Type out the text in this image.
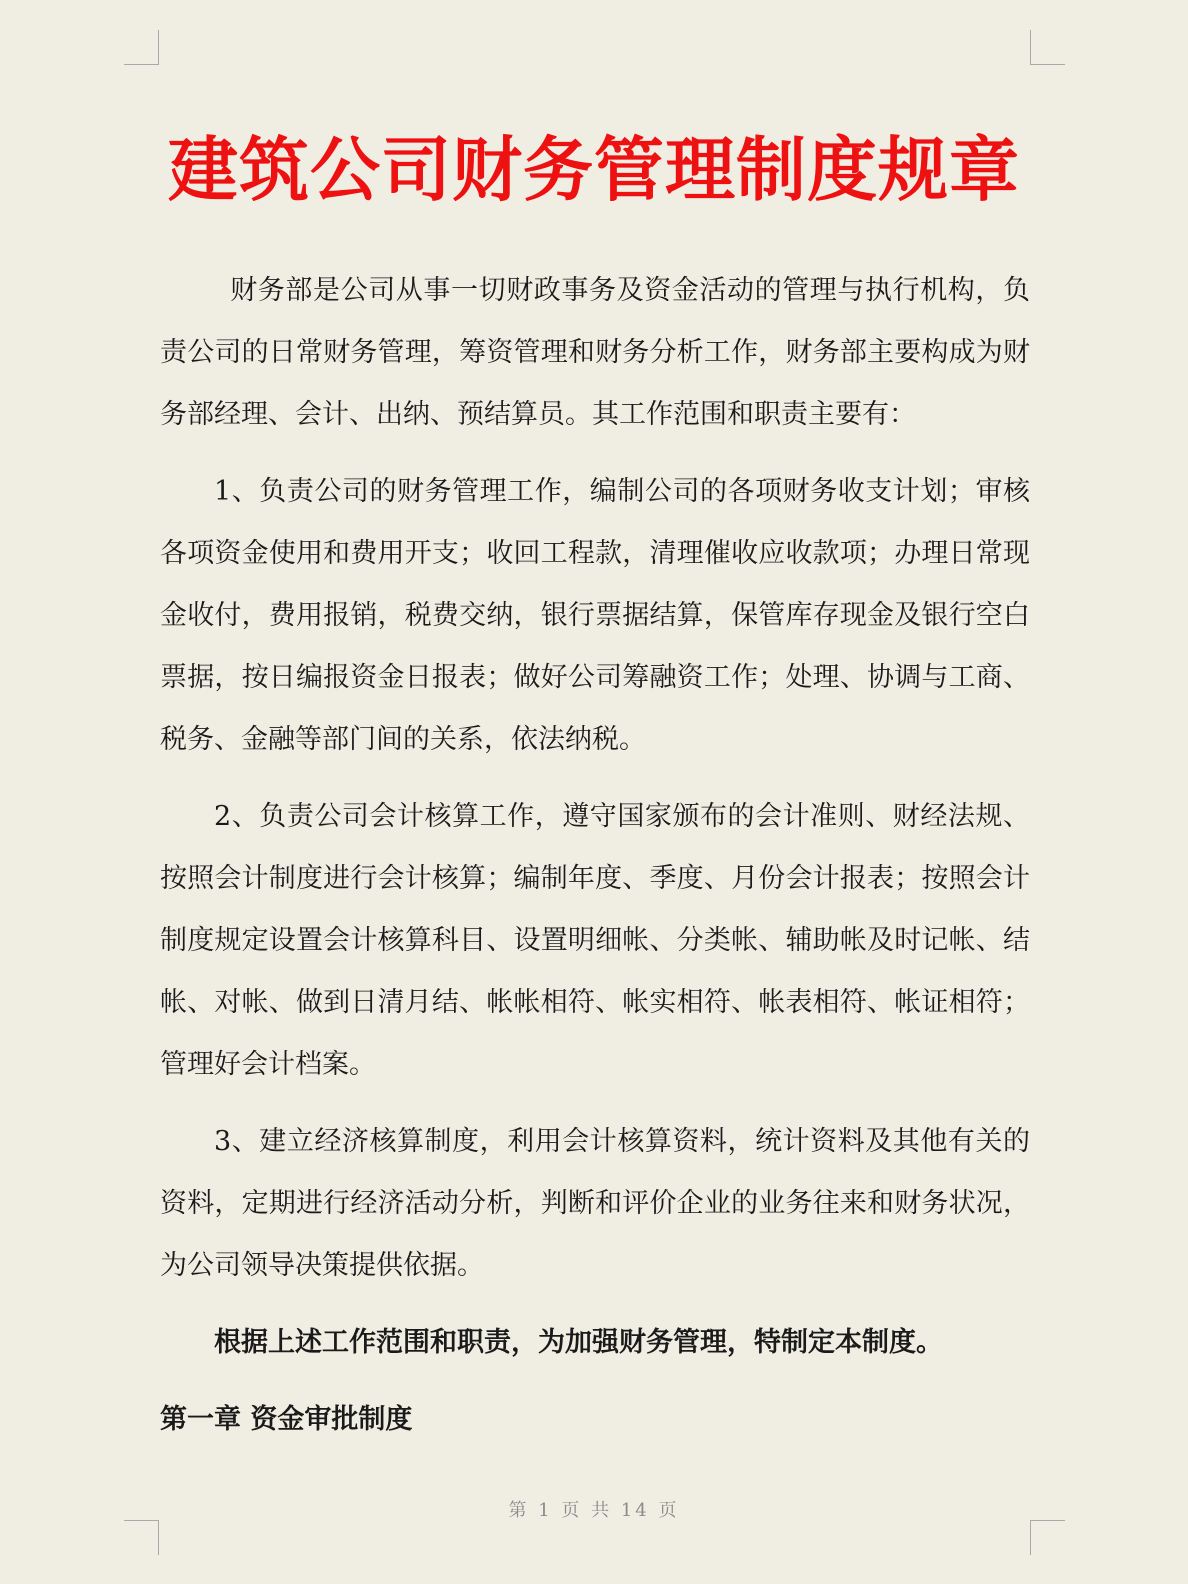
建筑公司财务管理制度规章

财务部是公司从事一切财政事务及资金活动的管理与执行机构，负责公司的日常财务管理，筹资管理和财务分析工作，财务部主要构成为财务部经理、会计、出纳、预结算员。其工作范围和职责主要有：

1、负责公司的财务管理工作，编制公司的各项财务收支计划；审核各项资金使用和费用开支；收回工程款，清理催收应收款项；办理日常现金收付，费用报销，税费交纳，银行票据结算，保管库存现金及银行空白票据，按日编报资金日报表；做好公司筹融资工作；处理、协调与工商、税务、金融等部门间的关系，依法纳税。

2、负责公司会计核算工作，遵守国家颁布的会计准则、财经法规、按照会计制度进行会计核算；编制年度、季度、月份会计报表；按照会计制度规定设置会计核算科目、设置明细帐、分类帐、辅助帐及时记帐、结帐、对帐、做到日清月结、帐帐相符、帐实相符、帐表相符、帐证相符；管理好会计档案。

3、建立经济核算制度，利用会计核算资料，统计资料及其他有关的资料，定期进行经济活动分析，判断和评价企业的业务往来和财务状况，为公司领导决策提供依据。

根据上述工作范围和职责，为加强财务管理，特制定本制度。

第一章 资金审批制度

第 1 页 共 14 页
